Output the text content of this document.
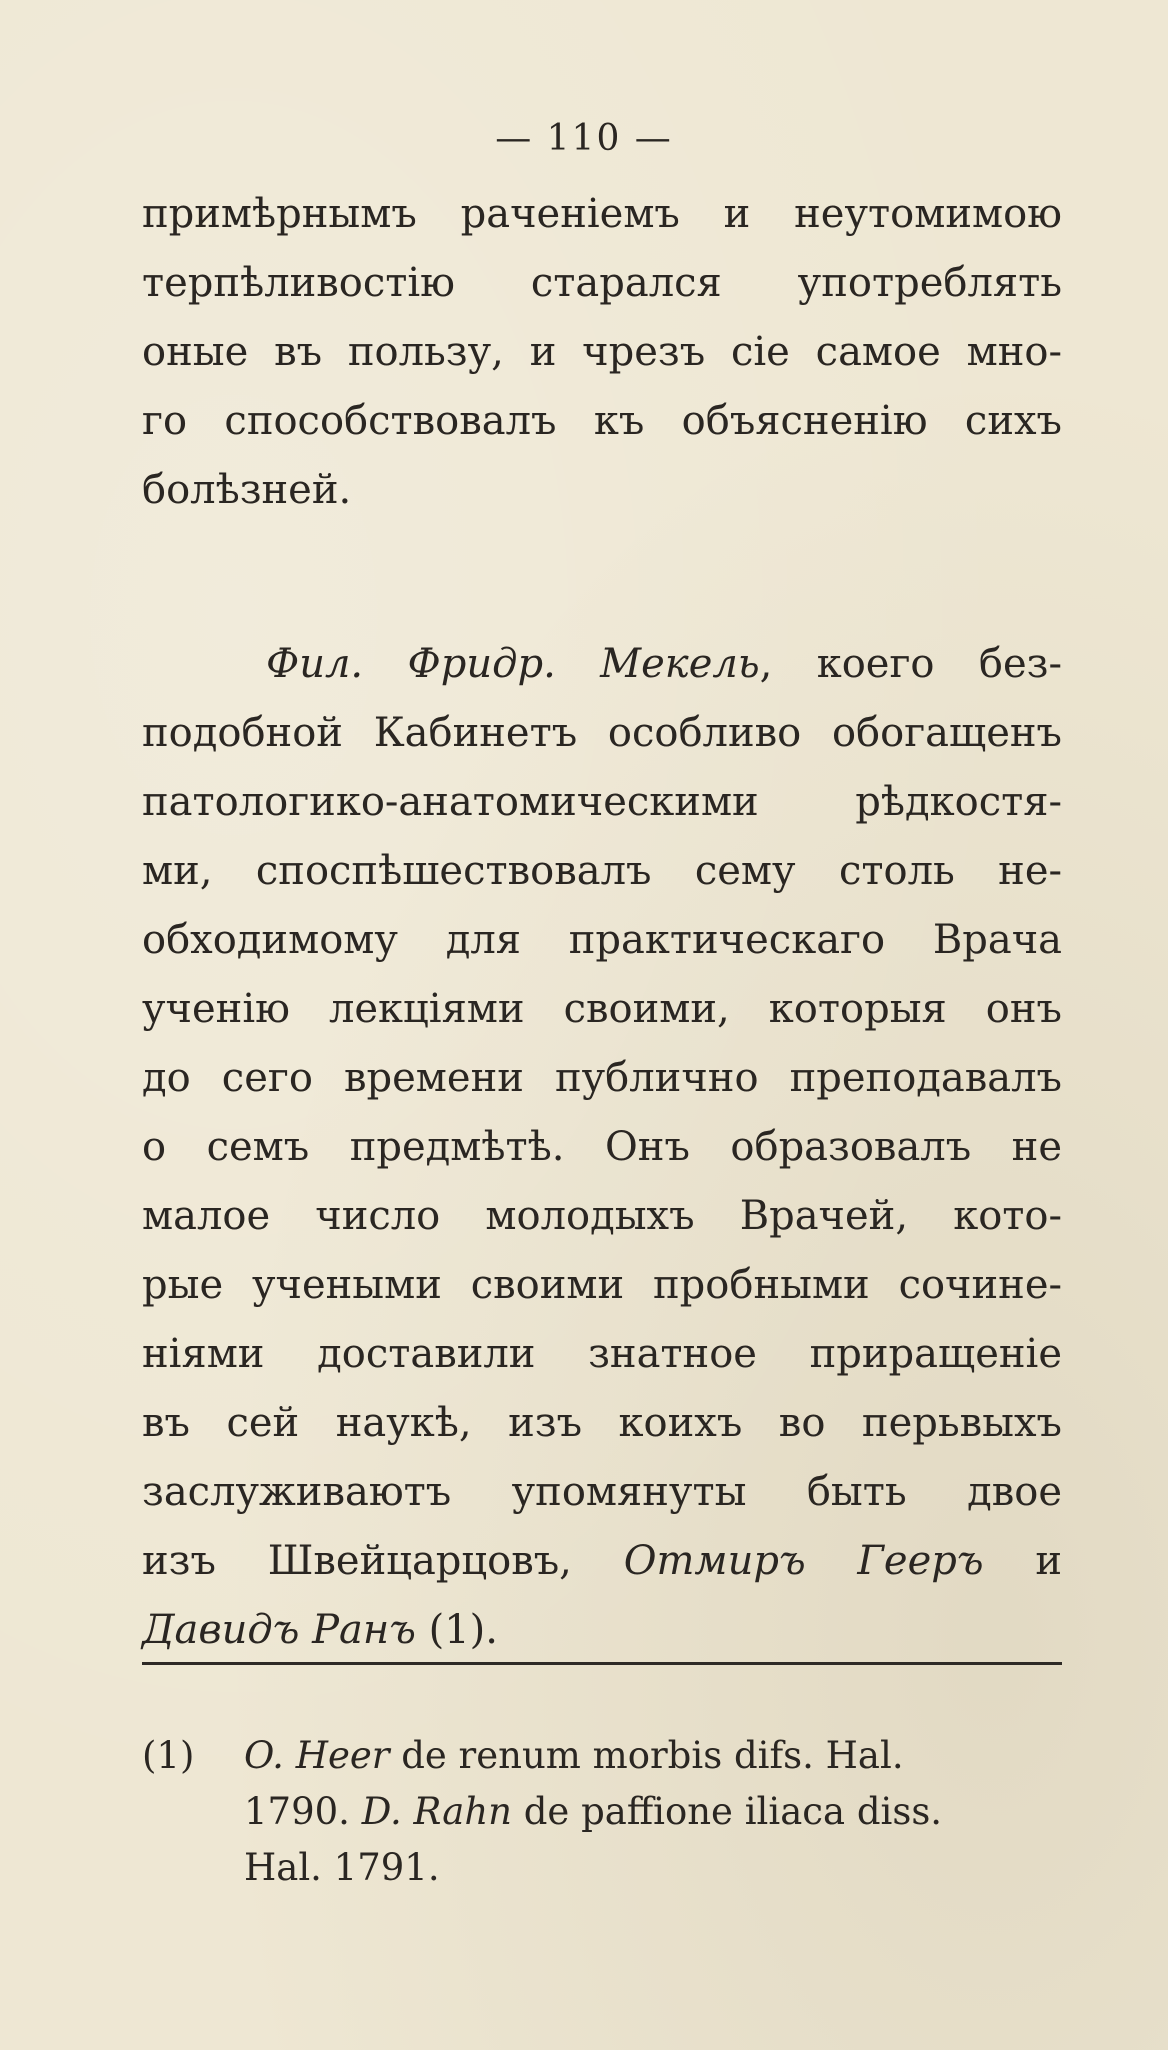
— 110 —
примѣрнымъ раченіемъ и неутомимою
терпѣливостію старался употреблять
оные въ пользу, и чрезъ сіе самое мно-
го способствовалъ къ объясненію сихъ
болѣзней.
Фил. Фридр. Мекель, коего без-
подобной Кабинетъ особливо обогащенъ
патологико-анатомическими рѣдкостя-
ми, споспѣшествовалъ сему столь не-
обходимому для практическаго Врача
ученію лекціями своими, которыя онъ
до сего времени публично преподавалъ
о семъ предмѣтѣ. Онъ образовалъ не
малое число молодыхъ Врачей, кото-
рые учеными своими пробными сочине-
ніями доставили знатное приращеніе
въ сей наукѣ, изъ коихъ во перьвыхъ
заслуживаютъ упомянуты быть двое
изъ Швейцарцовъ, Отмиръ Гееръ и
Давидъ Ранъ (1).
(1) O. Heer de renum morbis difs. Hal.
1790. D. Rahn de paffione iliaca diss.
Hal. 1791.
